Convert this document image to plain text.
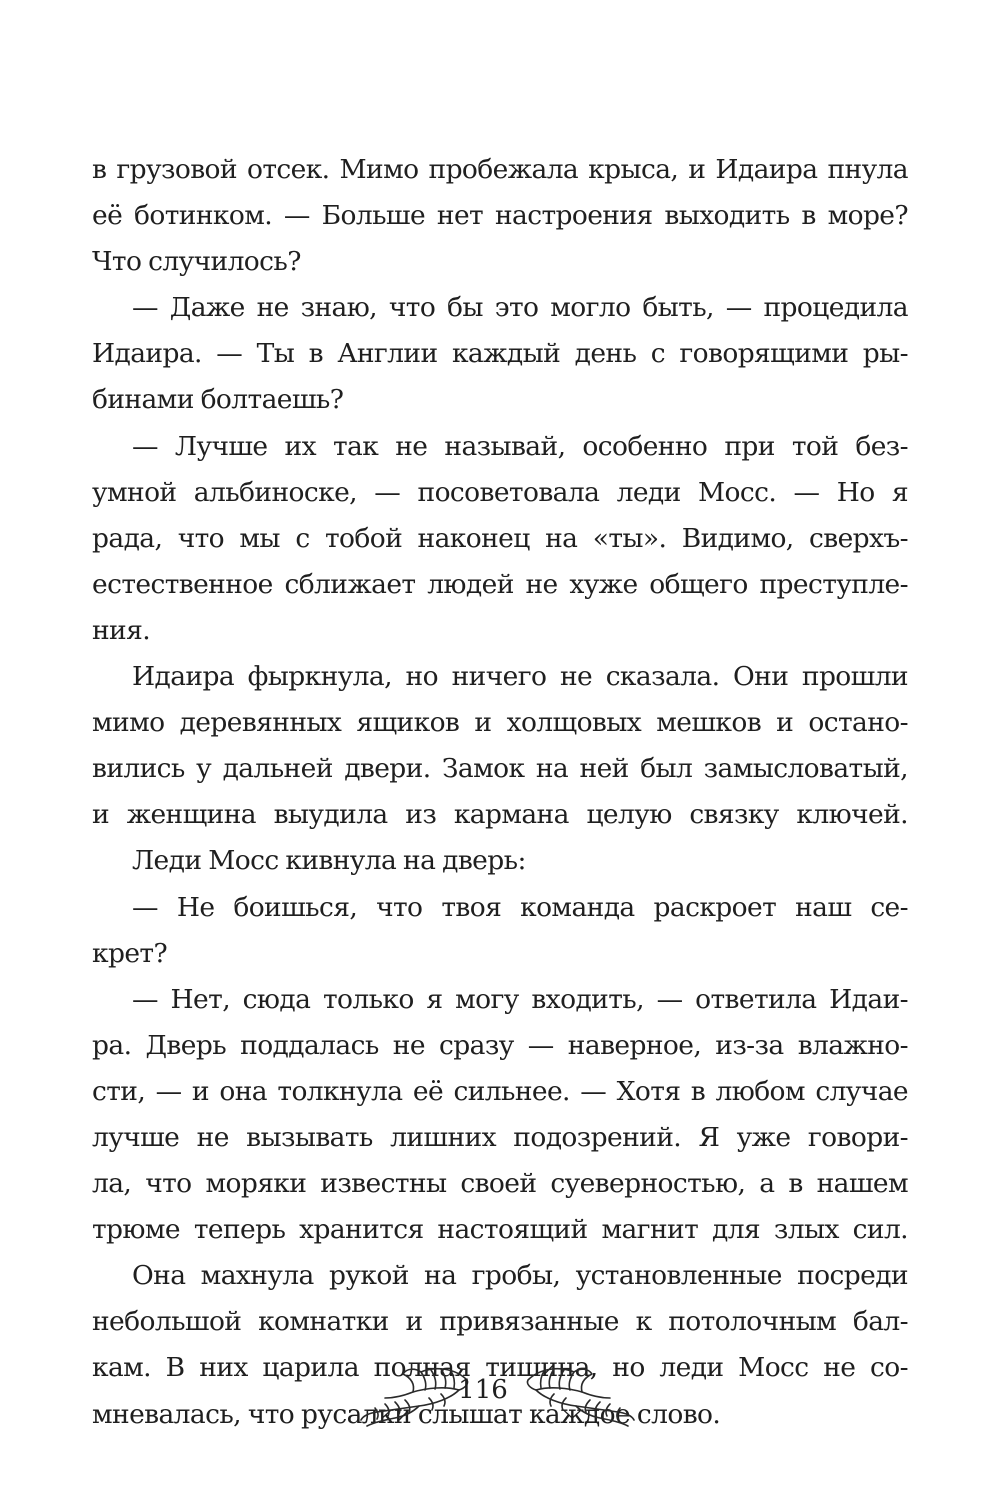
в грузовой отсек. Мимо пробежала крыса, и Идаира пнула
её ботинком. — Больше нет настроения выходить в море?
Что случилось?
— Даже не знаю, что бы это могло быть, — процедила
Идаира. — Ты в Англии каждый день с говорящими ры-
бинами болтаешь?
— Лучше их так не называй, особенно при той без-
умной альбиноске, — посоветовала леди Мосс. — Но я
рада, что мы с тобой наконец на «ты». Видимо, сверхъ-
естественное сближает людей не хуже общего преступле-
ния.
Идаира фыркнула, но ничего не сказала. Они прошли
мимо деревянных ящиков и холщовых мешков и остано-
вились у дальней двери. Замок на ней был замысловатый,
и женщина выудила из кармана целую связку ключей.
Леди Мосс кивнула на дверь:
— Не боишься, что твоя команда раскроет наш се-
крет?
— Нет, сюда только я могу входить, — ответила Идаи-
ра. Дверь поддалась не сразу — наверное, из-за влажно-
сти, — и она толкнула её сильнее. — Хотя в любом случае
лучше не вызывать лишних подозрений. Я уже говори-
ла, что моряки известны своей суеверностью, а в нашем
трюме теперь хранится настоящий магнит для злых сил.
Она махнула рукой на гробы, установленные посреди
небольшой комнатки и привязанные к потолочным бал-
кам. В них царила полная тишина, но леди Мосс не со-
мневалась, что русалки слышат каждое слово.
116
